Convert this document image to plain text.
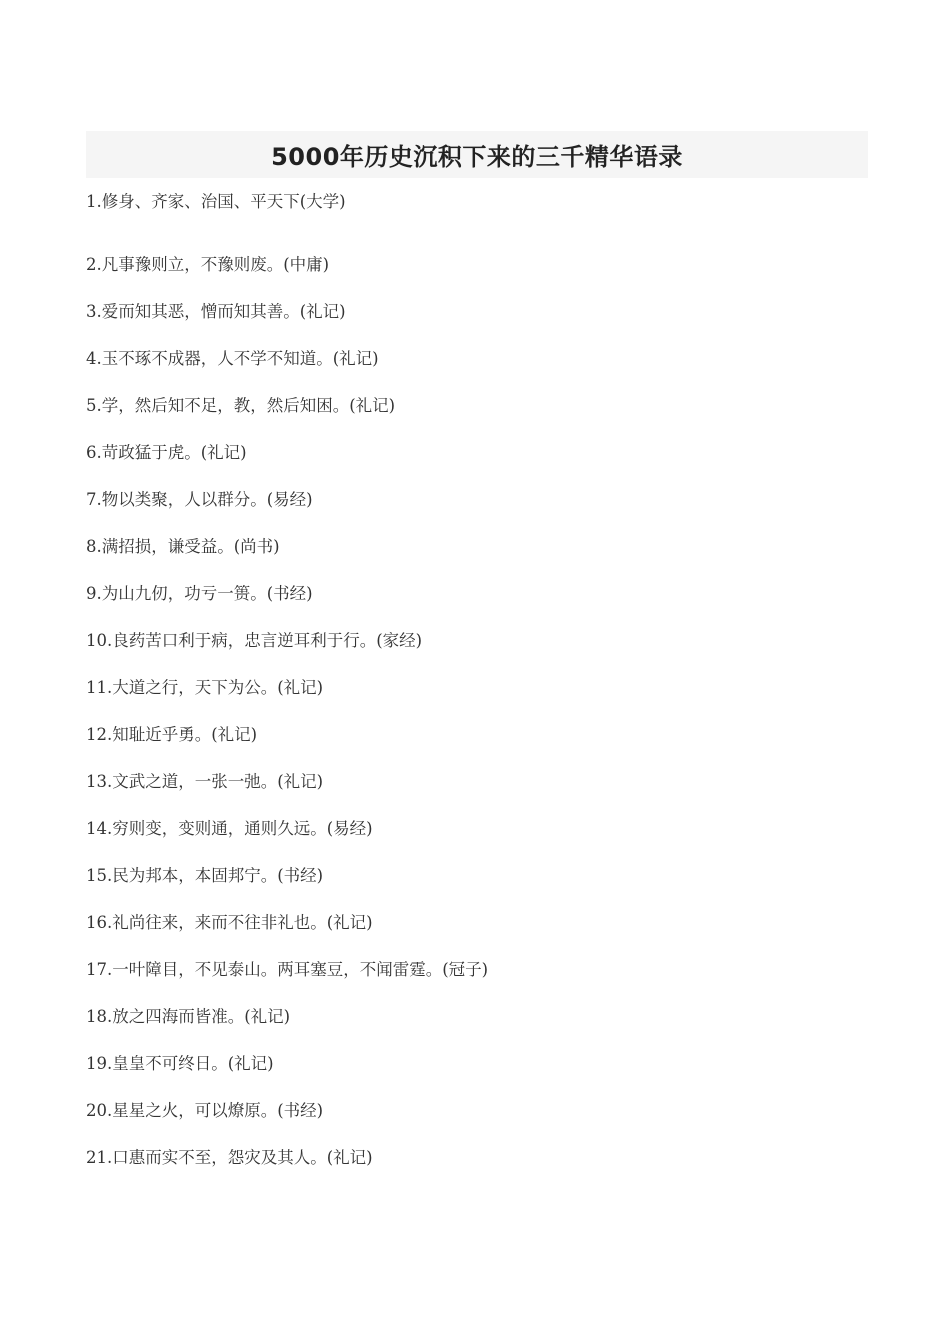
5000年历史沉积下来的三千精华语录
1.修身、齐家、治国、平天下(大学)
2.凡事豫则立，不豫则废。(中庸)
3.爱而知其恶，憎而知其善。(礼记)
4.玉不琢不成器，人不学不知道。(礼记)
5.学，然后知不足，教，然后知困。(礼记)
6.苛政猛于虎。(礼记)
7.物以类聚，人以群分。(易经)
8.满招损，谦受益。(尚书)
9.为山九仞，功亏一篑。(书经)
10.良药苦口利于病，忠言逆耳利于行。(家经)
11.大道之行，天下为公。(礼记)
12.知耻近乎勇。(礼记)
13.文武之道，一张一弛。(礼记)
14.穷则变，变则通，通则久远。(易经)
15.民为邦本，本固邦宁。(书经)
16.礼尚往来，来而不往非礼也。(礼记)
17.一叶障目，不见泰山。两耳塞豆，不闻雷霆。(冠子)
18.放之四海而皆准。(礼记)
19.皇皇不可终日。(礼记)
20.星星之火，可以燎原。(书经)
21.口惠而实不至，怨灾及其人。(礼记)
